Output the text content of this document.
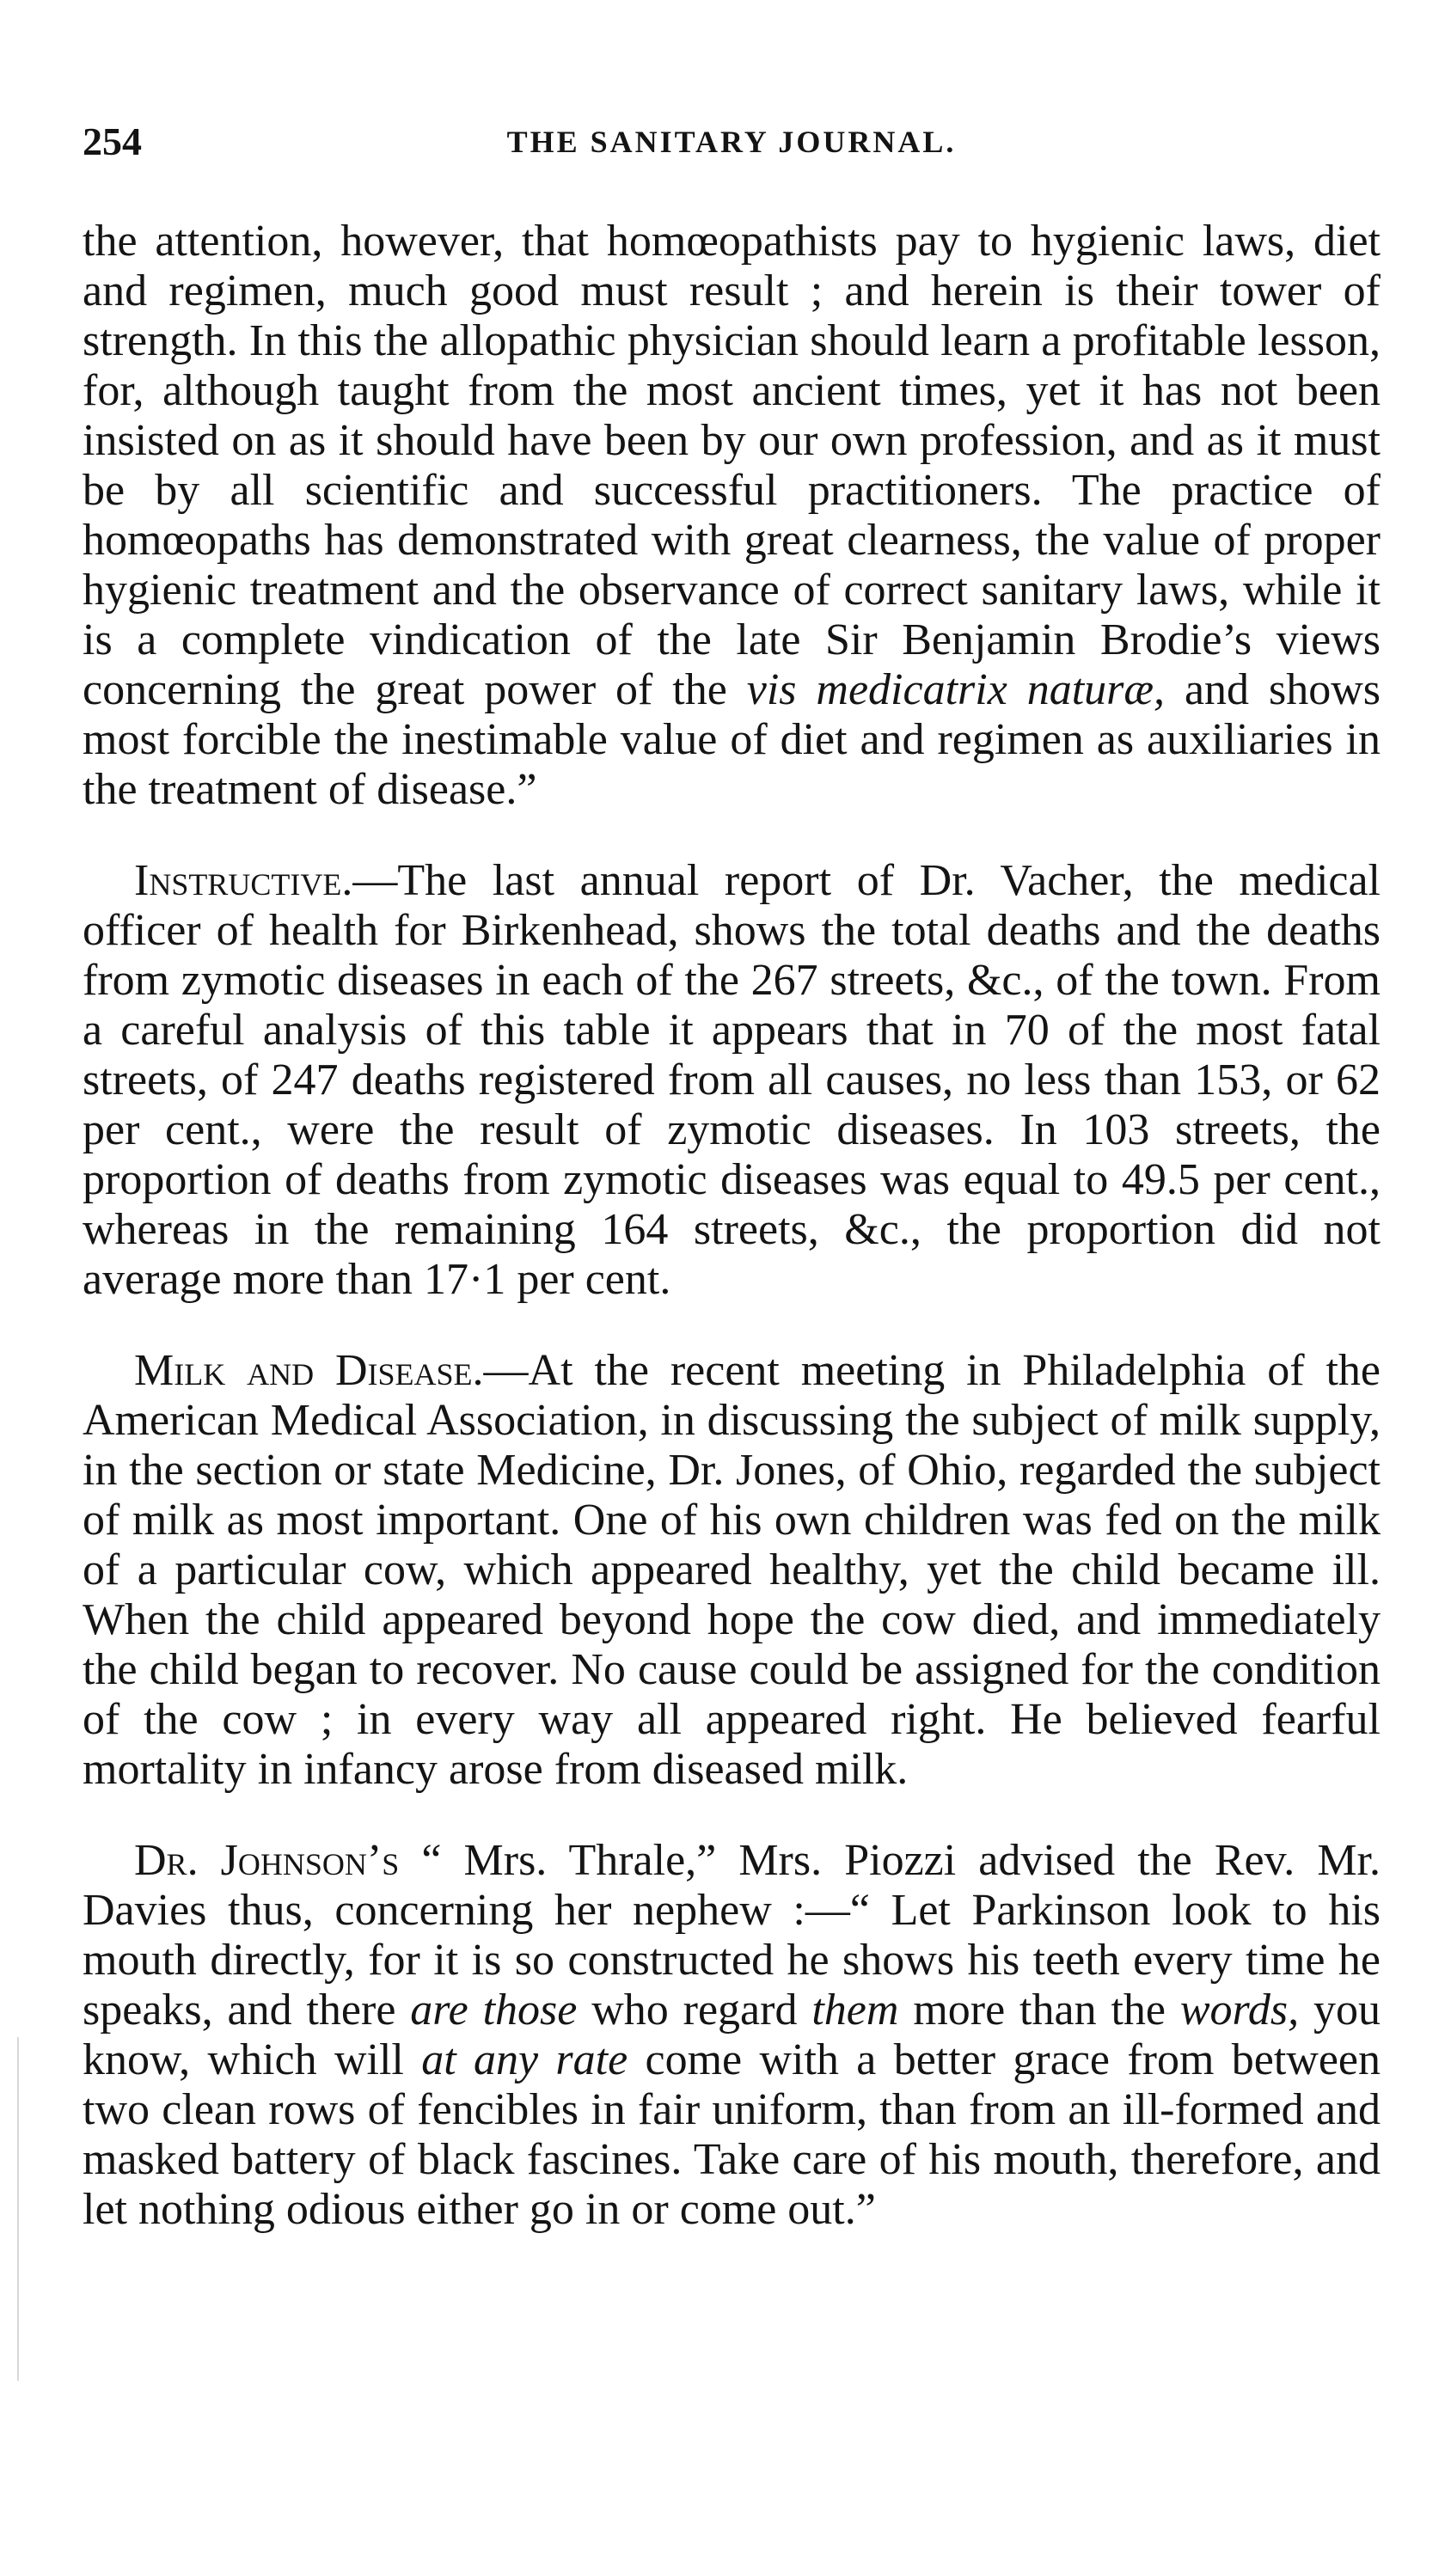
254	THE SANITARY JOURNAL.

the attention, however, that homœopathists pay to hygienic laws, diet and regimen, much good must result ; and herein is their tower of strength. In this the allopathic physician should learn a profitable lesson, for, although taught from the most ancient times, yet it has not been insisted on as it should have been by our own profession, and as it must be by all scientific and successful practitioners. The practice of homœopaths has demonstrated with great clearness, the value of proper hygienic treatment and the observance of correct sanitary laws, while it is a complete vindication of the late Sir Benjamin Brodie’s views concerning the great power of the vis medicatrix naturæ, and shows most forcible the inestimable value of diet and regimen as auxiliaries in the treatment of disease.”

Instructive.—The last annual report of Dr. Vacher, the medical officer of health for Birkenhead, shows the total deaths and the deaths from zymotic diseases in each of the 267 streets, &c., of the town. From a careful analysis of this table it appears that in 70 of the most fatal streets, of 247 deaths registered from all causes, no less than 153, or 62 per cent., were the result of zymotic diseases. In 103 streets, the proportion of deaths from zymotic diseases was equal to 49.5 per cent., whereas in the remaining 164 streets, &c., the proportion did not average more than 17·1 per cent.

Milk and Disease.—At the recent meeting in Philadelphia of the American Medical Association, in discussing the subject of milk supply, in the section or state Medicine, Dr. Jones, of Ohio, regarded the subject of milk as most important. One of his own children was fed on the milk of a particular cow, which appeared healthy, yet the child became ill. When the child appeared beyond hope the cow died, and immediately the child began to recover. No cause could be assigned for the condition of the cow ; in every way all appeared right. He believed fearful mortality in infancy arose from diseased milk.

Dr. Johnson’s “ Mrs. Thrale,” Mrs. Piozzi advised the Rev. Mr. Davies thus, concerning her nephew :—“ Let Parkinson look to his mouth directly, for it is so constructed he shows his teeth every time he speaks, and there are those who regard them more than the words, you know, which will at any rate come with a better grace from between two clean rows of fencibles in fair uniform, than from an ill-formed and masked battery of black fascines. Take care of his mouth, therefore, and let nothing odious either go in or come out.”
